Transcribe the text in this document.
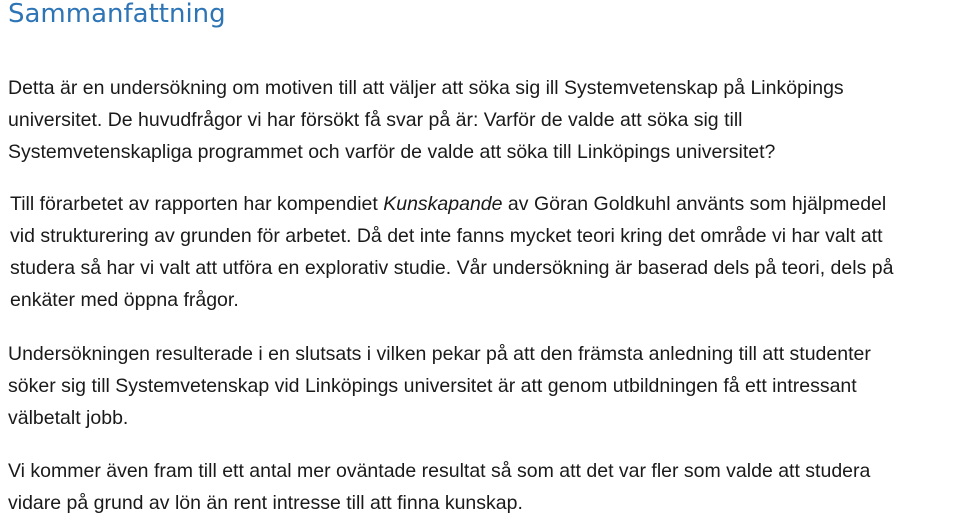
Sammanfattning

Detta är en undersökning om motiven till att väljer att söka sig ill Systemvetenskap på Linköpings
universitet. De huvudfrågor vi har försökt få svar på är: Varför de valde att söka sig till
Systemvetenskapliga programmet och varför de valde att söka till Linköpings universitet?

Till förarbetet av rapporten har kompendiet Kunskapande av Göran Goldkuhl använts som hjälpmedel
vid strukturering av grunden för arbetet. Då det inte fanns mycket teori kring det område vi har valt att
studera så har vi valt att utföra en explorativ studie. Vår undersökning är baserad dels på teori, dels på
enkäter med öppna frågor.

Undersökningen resulterade i en slutsats i vilken pekar på att den främsta anledning till att studenter
söker sig till Systemvetenskap vid Linköpings universitet är att genom utbildningen få ett intressant
välbetalt jobb.

Vi kommer även fram till ett antal mer oväntade resultat så som att det var fler som valde att studera
vidare på grund av lön än rent intresse till att finna kunskap.
